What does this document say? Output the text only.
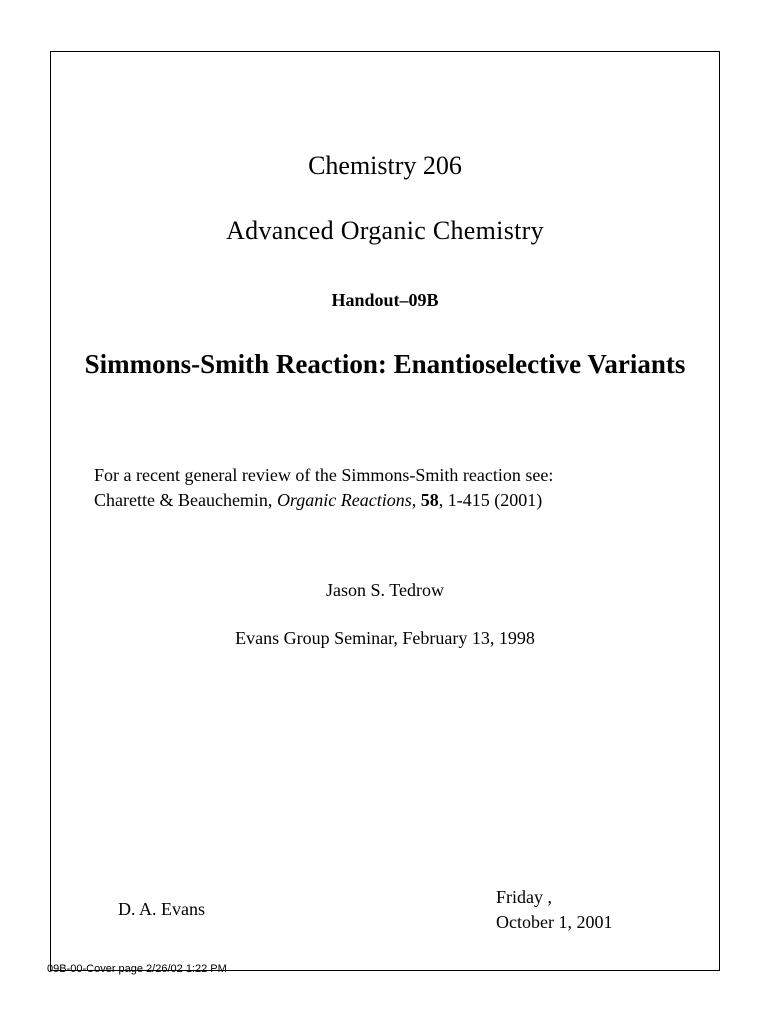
Chemistry 206
Advanced Organic Chemistry
Handout–09B
Simmons-Smith Reaction: Enantioselective Variants
For a recent general review of the Simmons-Smith reaction see:
Charette & Beauchemin, Organic Reactions, 58, 1-415 (2001)
Jason S. Tedrow
Evans Group Seminar, February 13, 1998
D. A. Evans
Friday ,
October 1, 2001
09B-00-Cover page 2/26/02 1:22 PM
